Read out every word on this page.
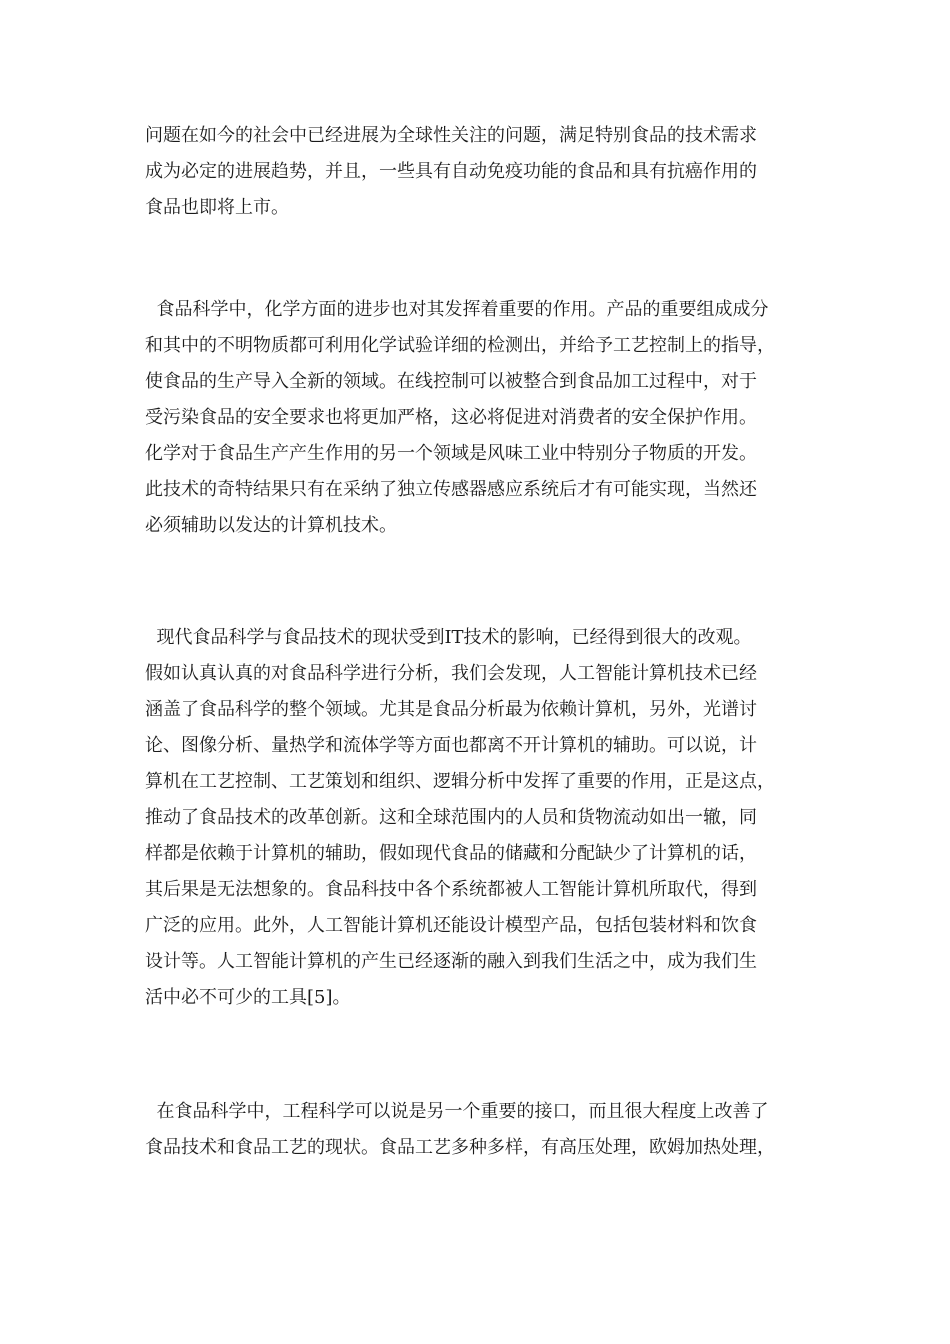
问题在如今的社会中已经进展为全球性关注的问题，满足特别食品的技术需求
成为必定的进展趋势，并且，一些具有自动免疫功能的食品和具有抗癌作用的
食品也即将上市。
食品科学中，化学方面的进步也对其发挥着重要的作用。产品的重要组成成分
和其中的不明物质都可利用化学试验详细的检测出，并给予工艺控制上的指导，
使食品的生产导入全新的领域。在线控制可以被整合到食品加工过程中，对于
受污染食品的安全要求也将更加严格，这必将促进对消费者的安全保护作用。
化学对于食品生产产生作用的另一个领域是风味工业中特别分子物质的开发。
此技术的奇特结果只有在采纳了独立传感器感应系统后才有可能实现，当然还
必须辅助以发达的计算机技术。
现代食品科学与食品技术的现状受到IT技术的影响，已经得到很大的改观。
假如认真认真的对食品科学进行分析，我们会发现，人工智能计算机技术已经
涵盖了食品科学的整个领域。尤其是食品分析最为依赖计算机，另外，光谱讨
论、图像分析、量热学和流体学等方面也都离不开计算机的辅助。可以说，计
算机在工艺控制、工艺策划和组织、逻辑分析中发挥了重要的作用，正是这点，
推动了食品技术的改革创新。这和全球范围内的人员和货物流动如出一辙，同
样都是依赖于计算机的辅助，假如现代食品的储藏和分配缺少了计算机的话，
其后果是无法想象的。食品科技中各个系统都被人工智能计算机所取代，得到
广泛的应用。此外，人工智能计算机还能设计模型产品，包括包装材料和饮食
设计等。人工智能计算机的产生已经逐渐的融入到我们生活之中，成为我们生
活中必不可少的工具[5]。
在食品科学中，工程科学可以说是另一个重要的接口，而且很大程度上改善了
食品技术和食品工艺的现状。食品工艺多种多样，有高压处理，欧姆加热处理，
